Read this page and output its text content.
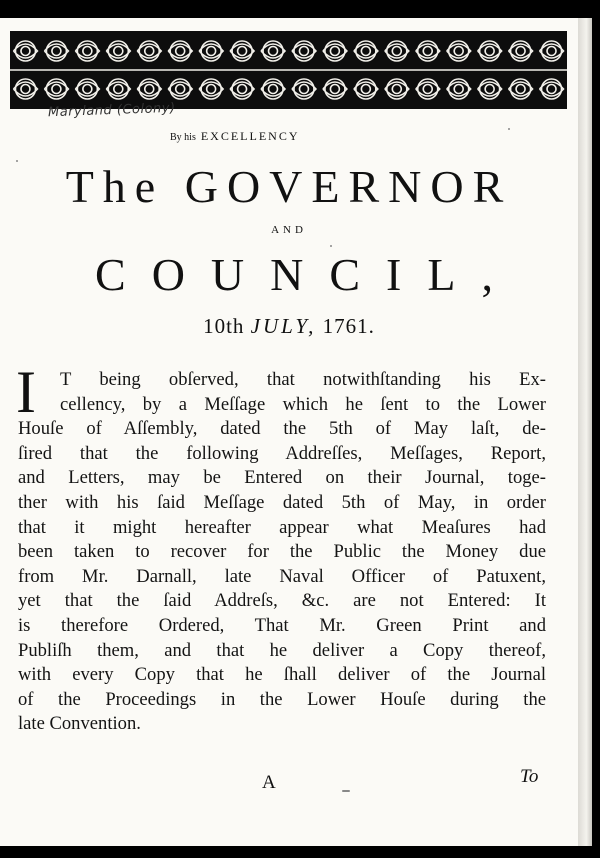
Maryland (Colony)
By his EXCELLENCY
The GOVERNOR
AND
COUNCIL,
10th JULY, 1761.
I	T being obſerved, that notwithſtanding his Ex-
cellency, by a Meſſage which he ſent to the Lower
Houſe of Aſſembly, dated the 5th of May laſt, de-
ſired that the following Addreſſes, Meſſages, Report,
and Letters, may be Entered on their Journal, toge-
ther with his ſaid Meſſage dated 5th of May, in order
that it might hereafter appear what Meaſures had
been taken to recover for the Public the Money due
from Mr. Darnall, late Naval Officer of Patuxent,
yet that the ſaid Addreſs, &c. are not Entered: It
is therefore Ordered, That Mr. Green Print and
Publiſh them, and that he deliver a Copy thereof,
with every Copy that he ſhall deliver of the Journal
of the Proceedings in the Lower Houſe during the
late Convention.
A	To
